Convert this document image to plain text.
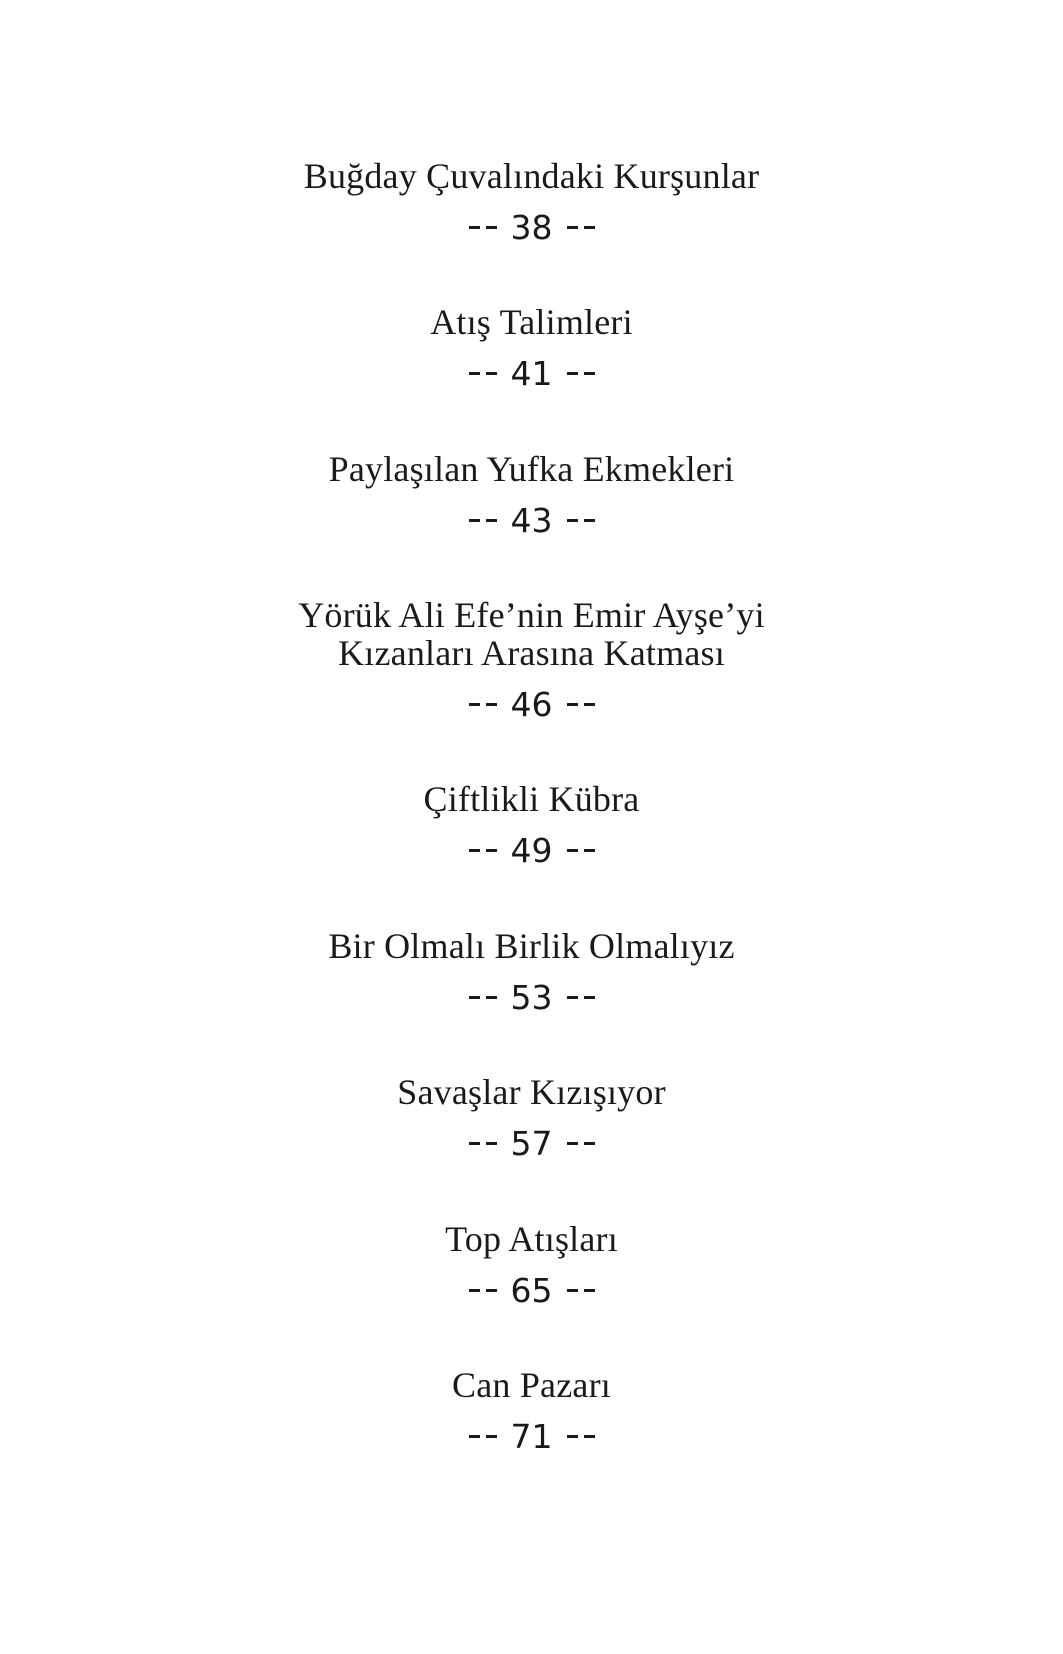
Buğday Çuvalındaki Kurşunlar
38
Atış Talimleri
41
Paylaşılan Yufka Ekmekleri
43
Yörük Ali Efe’nin Emir Ayşe’yi
Kızanları Arasına Katması
46
Çiftlikli Kübra
49
Bir Olmalı Birlik Olmalıyız
53
Savaşlar Kızışıyor
57
Top Atışları
65
Can Pazarı
71
